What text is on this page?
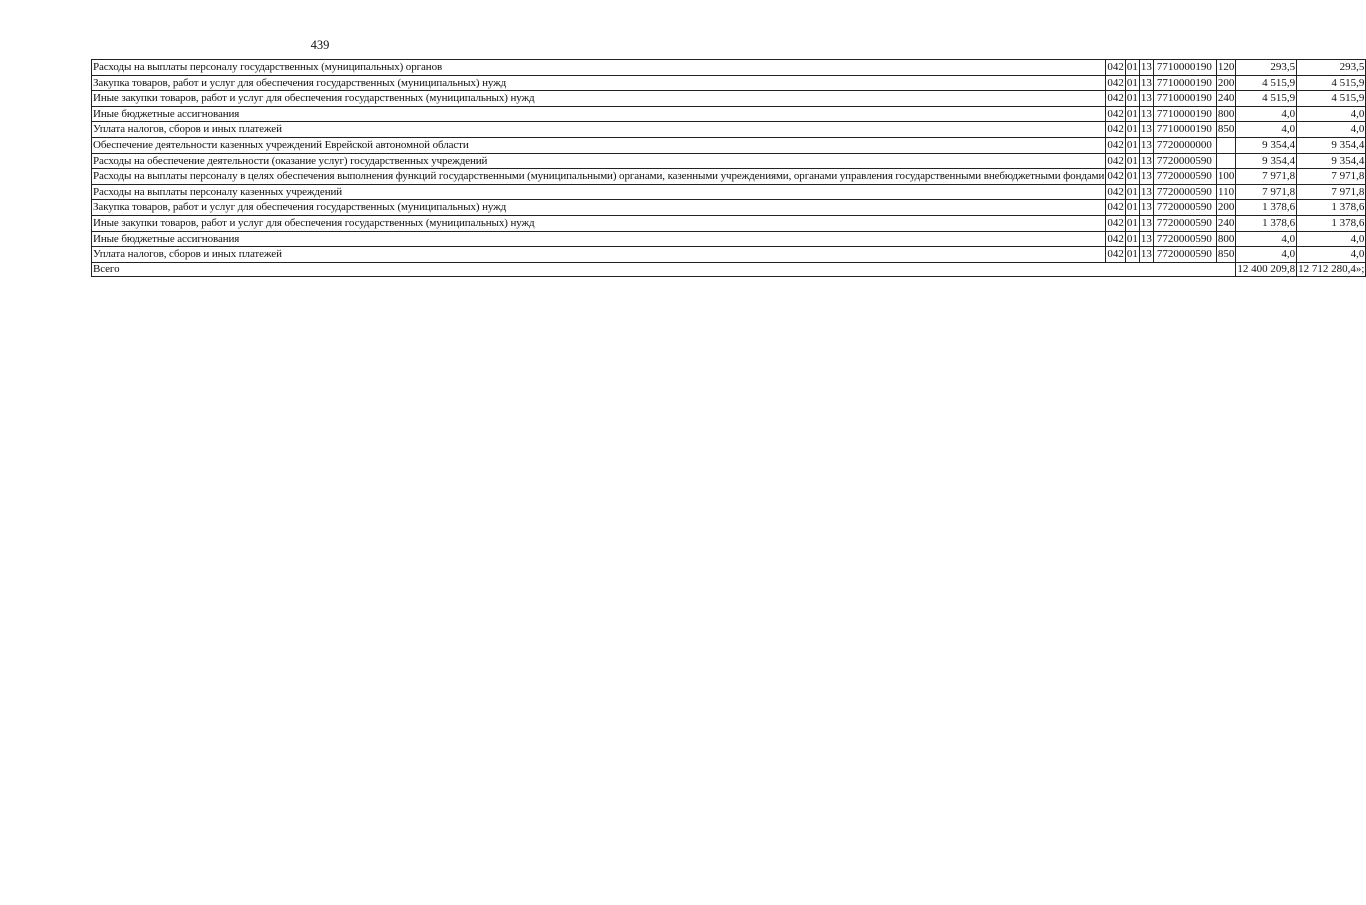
439
Расходы на выплаты персоналу государственных (муниципальных) органов	042	01	13	77 1 00 00190	120	293,5	293,5
Закупка товаров, работ и услуг для обеспечения государственных (муниципальных) нужд	042	01	13	77 1 00 00190	200	4 515,9	4 515,9
Иные закупки товаров, работ и услуг для обеспечения государственных (муниципальных) нужд	042	01	13	77 1 00 00190	240	4 515,9	4 515,9
Иные бюджетные ассигнования	042	01	13	77 1 00 00190	800	4,0	4,0
Уплата налогов, сборов и иных платежей	042	01	13	77 1 00 00190	850	4,0	4,0
Обеспечение деятельности казенных учреждений Еврейской автономной области	042	01	13	77 2 00 00000		9 354,4	9 354,4
Расходы на обеспечение деятельности (оказание услуг) государственных учреждений	042	01	13	77 2 00 00590		9 354,4	9 354,4
Расходы на выплаты персоналу в целях обеспечения выполнения функций государственными (муниципальными) органами, казенными учреждениями, органами управления государственными внебюджетными фондами	042	01	13	77 2 00 00590	100	7 971,8	7 971,8
Расходы на выплаты персоналу казенных учреждений	042	01	13	77 2 00 00590	110	7 971,8	7 971,8
Закупка товаров, работ и услуг для обеспечения государственных (муниципальных) нужд	042	01	13	77 2 00 00590	200	1 378,6	1 378,6
Иные закупки товаров, работ и услуг для обеспечения государственных (муниципальных) нужд	042	01	13	77 2 00 00590	240	1 378,6	1 378,6
Иные бюджетные ассигнования	042	01	13	77 2 00 00590	800	4,0	4,0
Уплата налогов, сборов и иных платежей	042	01	13	77 2 00 00590	850	4,0	4,0
Всего						12 400 209,8	12 712 280,4»;
